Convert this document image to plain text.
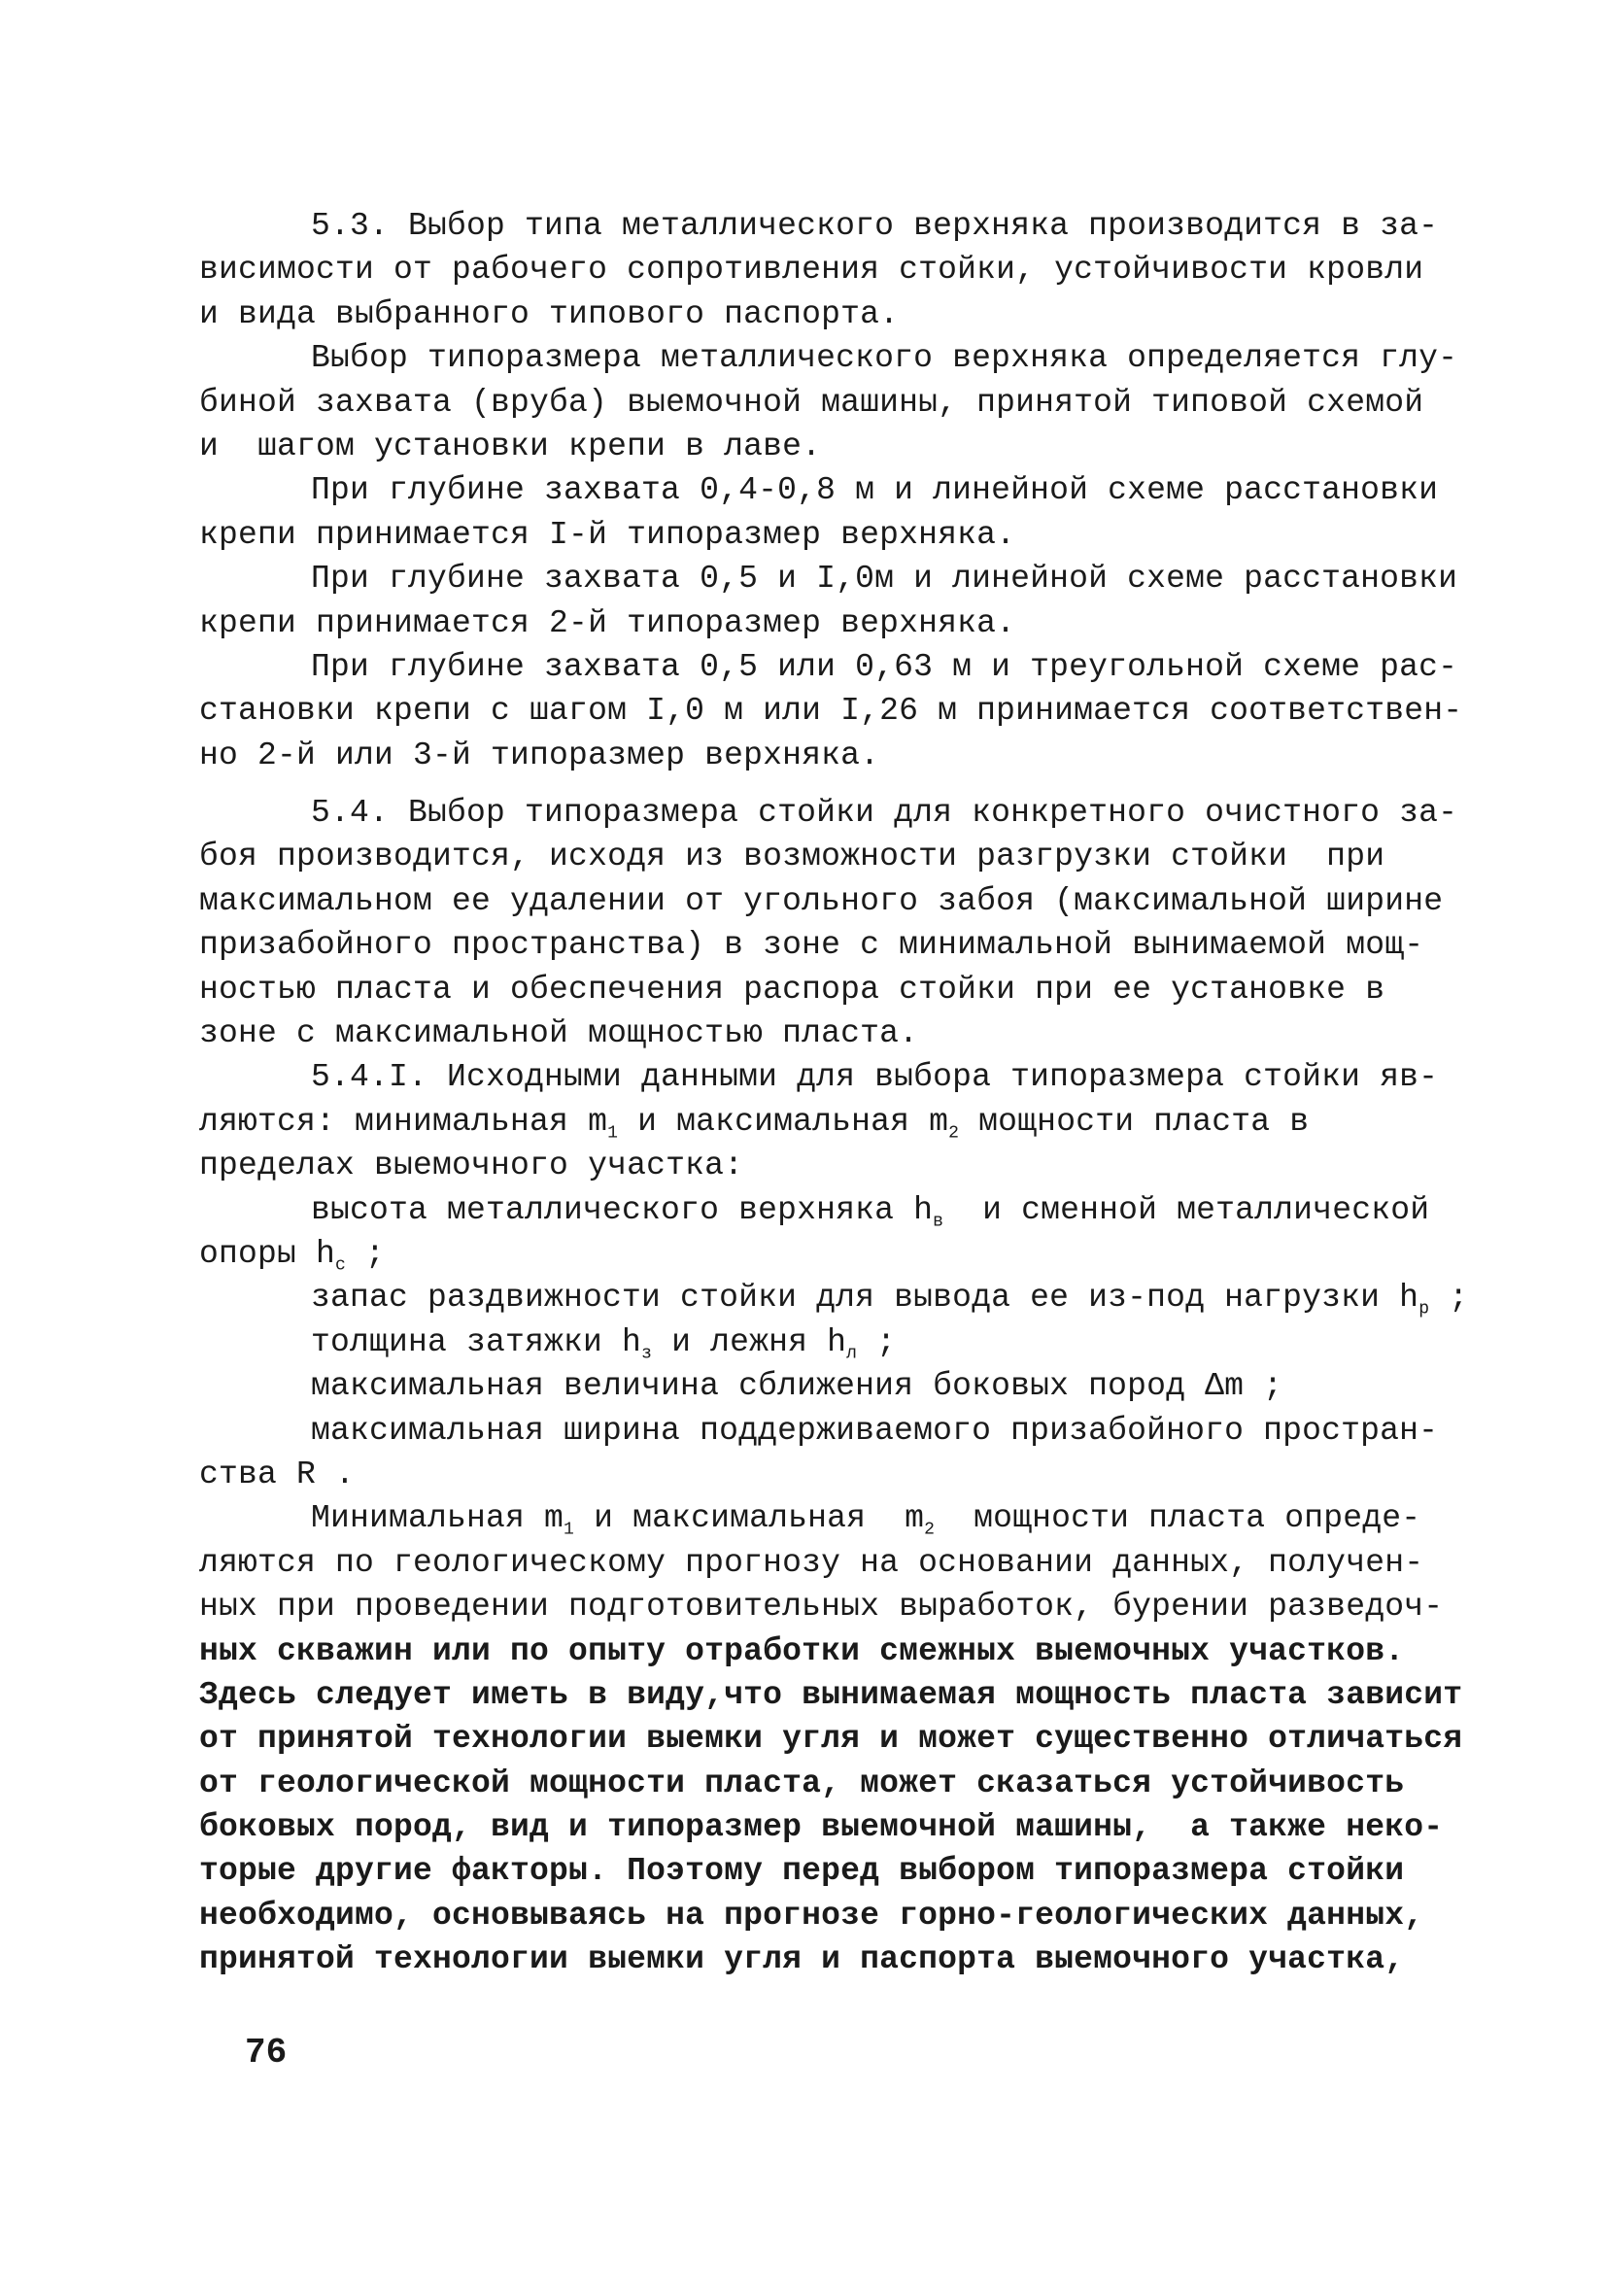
5.3. Выбор типа металлического верхняка производится в за-
висимости от рабочего сопротивления стойки, устойчивости кровли
и вида выбранного типового паспорта.
Выбор типоразмера металлического верхняка определяется глу-
биной захвата (вруба) выемочной машины, принятой типовой схемой
и  шагом установки крепи в лаве.
При глубине захвата 0,4-0,8 м и линейной схеме расстановки
крепи принимается I-й типоразмер верхняка.
При глубине захвата 0,5 и I,0м и линейной схеме расстановки
крепи принимается 2-й типоразмер верхняка.
При глубине захвата 0,5 или 0,63 м и треугольной схеме рас-
становки крепи с шагом I,0 м или I,26 м принимается соответствен-
но 2-й или 3-й типоразмер верхняка.
5.4. Выбор типоразмера стойки для конкретного очистного за-
боя производится, исходя из возможности разгрузки стойки  при
максимальном ее удалении от угольного забоя (максимальной ширине
призабойного пространства) в зоне с минимальной вынимаемой мощ-
ностью пласта и обеспечения распора стойки при ее установке в
зоне с максимальной мощностью пласта.
5.4.I. Исходными данными для выбора типоразмера стойки яв-
ляются: минимальная $m_1$ и максимальная $m_2$ мощности пласта в
пределах выемочного участка:
высота металлического верхняка $h_в$  и сменной металлической
опоры $h_с$ ;
запас раздвижности стойки для вывода ее из-под нагрузки $h_р$ ;
толщина затяжки $h_з$ и лежня $h_л$ ;
максимальная величина сближения боковых пород Δm ;
максимальная ширина поддерживаемого призабойного простран-
ства R .
Минимальная $m_1$ и максимальная  $m_2$  мощности пласта опреде-
ляются по геологическому прогнозу на основании данных, получен-
ных при проведении подготовительных выработок, бурении разведоч-
ных скважин или по опыту отработки смежных выемочных участков.
Здесь следует иметь в виду,что вынимаемая мощность пласта зависит
от принятой технологии выемки угля и может существенно отличаться
от геологической мощности пласта, может сказаться устойчивость
боковых пород, вид и типоразмер выемочной машины,  а также неко-
торые другие факторы. Поэтому перед выбором типоразмера стойки
необходимо, основываясь на прогнозе горно-геологических данных,
принятой технологии выемки угля и паспорта выемочного участка,
76
